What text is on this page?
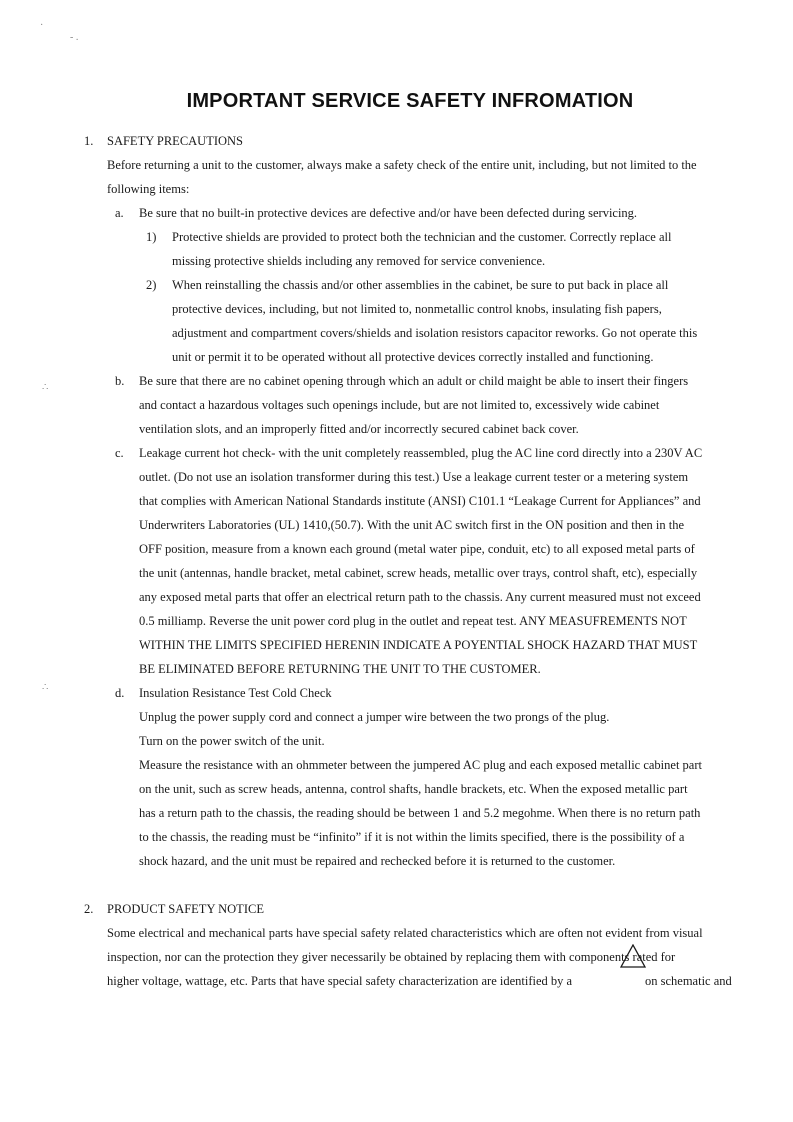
·
- .
∴
∴
IMPORTANT SERVICE SAFETY INFROMATION
1. SAFETY PRECAUTIONS
Before returning a unit to the customer, always make a safety check of the entire unit, including, but not limited to the
following items:
a. Be sure that no built-in protective devices are defective and/or have been defected during servicing.
1) Protective shields are provided to protect both the technician and the customer. Correctly replace all
missing protective shields including any removed for service convenience.
2) When reinstalling the chassis and/or other assemblies in the cabinet, be sure to put back in place all
protective devices, including, but not limited to, nonmetallic control knobs, insulating fish papers,
adjustment and compartment covers/shields and isolation resistors capacitor reworks. Go not operate this
unit or permit it to be operated without all protective devices correctly installed and functioning.
b. Be sure that there are no cabinet opening through which an adult or child maight be able to insert their fingers
and contact a hazardous voltages such openings include, but are not limited to, excessively wide cabinet
ventilation slots, and an improperly fitted and/or incorrectly secured cabinet back cover.
c. Leakage current hot check- with the unit completely reassembled, plug the AC line cord directly into a 230V AC
outlet. (Do not use an isolation transformer during this test.) Use a leakage current tester or a metering system
that complies with American National Standards institute (ANSI) C101.1 “Leakage Current for Appliances” and
Underwriters Laboratories (UL) 1410,(50.7). With the unit AC switch first in the ON position and then in the
OFF position, measure from a known each ground (metal water pipe, conduit, etc) to all exposed metal parts of
the unit (antennas, handle bracket, metal cabinet, screw heads, metallic over trays, control shaft, etc), especially
any exposed metal parts that offer an electrical return path to the chassis. Any current measured must not exceed
0.5 milliamp. Reverse the unit power cord plug in the outlet and repeat test. ANY MEASUFREMENTS NOT
WITHIN THE LIMITS SPECIFIED HERENIN INDICATE A POYENTIAL SHOCK HAZARD THAT MUST
BE ELIMINATED BEFORE RETURNING THE UNIT TO THE CUSTOMER.
d. Insulation Resistance Test Cold Check
Unplug the power supply cord and connect a jumper wire between the two prongs of the plug.
Turn on the power switch of the unit.
Measure the resistance with an ohmmeter between the jumpered AC plug and each exposed metallic cabinet part
on the unit, such as screw heads, antenna, control shafts, handle brackets, etc. When the exposed metallic part
has a return path to the chassis, the reading should be between 1 and 5.2 megohme. When there is no return path
to the chassis, the reading must be “infinito” if it is not within the limits specified, there is the possibility of a
shock hazard, and the unit must be repaired and rechecked before it is returned to the customer.
2. PRODUCT SAFETY NOTICE
Some electrical and mechanical parts have special safety related characteristics which are often not evident from visual
inspection, nor can the protection they giver necessarily be obtained by replacing them with components rated for
higher voltage, wattage, etc. Parts that have special safety characterization are identified by a	on schematic and
